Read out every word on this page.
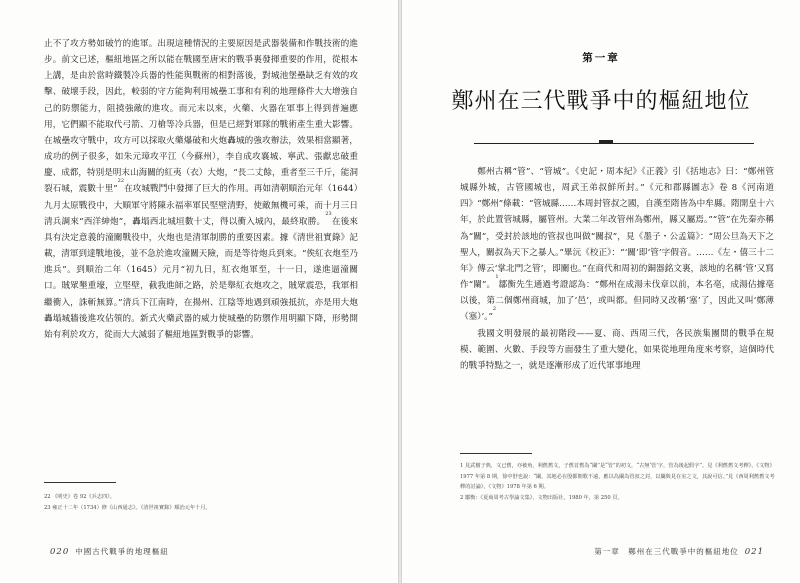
止不了攻方勢如破竹的進軍。出現這種情況的主要原因是武器裝備和作戰技術的進步。前文已述，樞紐地區之所以能在戰國至唐宋的戰爭裏發揮重要的作用，從根本上講，是由於當時鐵製冷兵器的性能與戰術的相對落後，對城池堡壘缺乏有效的攻擊、破壞手段，因此，較弱的守方能夠利用城壘工事和有利的地理條件大大增強自己的防禦能力，阻撓強敵的進攻。而元末以來，火藥、火器在軍事上得到普遍應用，它們顯不能取代弓箭、刀槍等冷兵器，但是已經對軍隊的戰術產生重大影響。在城壘攻守戰中，攻方可以採取火藥爆破和火炮轟城的強攻辦法，效果相當顯著，成功的例子很多，如朱元璋攻平江（今蘇州），李自成攻襄城、寧武、張獻忠破重慶、成都，特別是明末山海關的紅夷（衣）大炮，“長二丈餘，重者至三千斤，能洞裂石城，震數十里”$^{22}$在攻城戰鬥中發揮了巨大的作用。再如清朝順治元年（1644）九月太原戰役中，大順軍守將陳永福率軍民堅壁清野，使敵無機可乘，而十月三日清兵調來“西洋紳炮”，轟塌西北城垣數十丈，得以衝入城內，最終取勝。$^{23}$在後來具有決定意義的潼關戰役中，火炮也是清軍制勝的重要因素。據《清世祖實錄》記載，清軍到達戰地後，並不急於進攻潼關天險，而是等待炮兵到來。“俟紅衣炮至乃進兵”。到順治二年（1645）元月“初九日，紅衣炮軍至，十一日，遂進逼潼關口。賊眾墾重壕，立堅壁，截我進師之路，於是舉紅衣炮攻之，賊眾震恐，我軍相繼衝入，誅斬無算。”清兵下江南時，在揚州、江陰等地遇到頑強抵抗，亦是用大炮轟塌城牆後進攻佔領的。新式火藥武器的威力使城壘的防禦作用明顯下降，形勢開始有利於攻方，從而大大減弱了樞紐地區對戰爭的影響。

22 《明史》卷 92《兵志四》。

23 雍正十二年（1734）修《山西通志》。《清世祖實錄》順治元年十月。

020 中國古代戰爭的地理樞紐
第一章
鄭州在三代戰爭中的樞紐地位

鄭州古稱“管”、“管城”。《史記・周本紀》《正義》引《括地志》曰：“鄭州管城縣外城，古管國城也，周武王弟叔鮮所封。”《元和郡縣圖志》卷 8《河南道四》“鄭州”條載：“管城縣……本周封管叔之國，自漢至隋皆為中牟縣。隋開皇十六年，於此置管城縣，屬管州。大業二年改管州為鄭州，縣又屬焉。”“管”在先秦亦稱為“關”，受封於該地的管叔也叫做“關叔”，見《墨子・公孟篇》：“周公旦為天下之聖人，關叔為天下之暴人。”畢沅《校正》：“‘關’即‘管’字假音。……《左・僖三十二年》傳云‘掌北門之管’，即關也。”在商代和周初的銅器銘文裏，該地的名稱‘管’又寫作“闌”。$^1$鄒衡先生通過考證認為：“鄭州在成湯未伐章以前，本名亳，成湯佔據亳以後，第二個鄭州商城，加了‘邑’，或叫都。但同時又改稱‘塞’了，因此又叫‘鄭薄（塞）’。”$^2$

我國文明發展的最初階段——夏、商、西周三代，各民族集團間的戰爭在規模、範圍、火數、手段等方面發生了重大變化，如果從地理角度來考察，這個時代的戰爭特點之一，就是逐漸形成了近代軍事地理

1 見武樹子典，文已舊，亦被角，利舊舊文，子舊首舊為“闌”是“管”的初文，“古無‘管’字，管為後起假字”。見《利舊舊文考釋》，《文物》1977 年第 8 期，徐中舒也說：“闌，其地必在殷都朝歌不遠，應以為闌為管叔之封，以闌與見在室之文，其說可信。”見《西周利舊舊文考釋的討論》，《文物》1978 年第 6 期。

2 鄒衡：《夏商周考古學論文集》，文物出版社，1980 年，第 250 頁。

第一章　鄭州在三代戰爭中的樞紐地位 021
